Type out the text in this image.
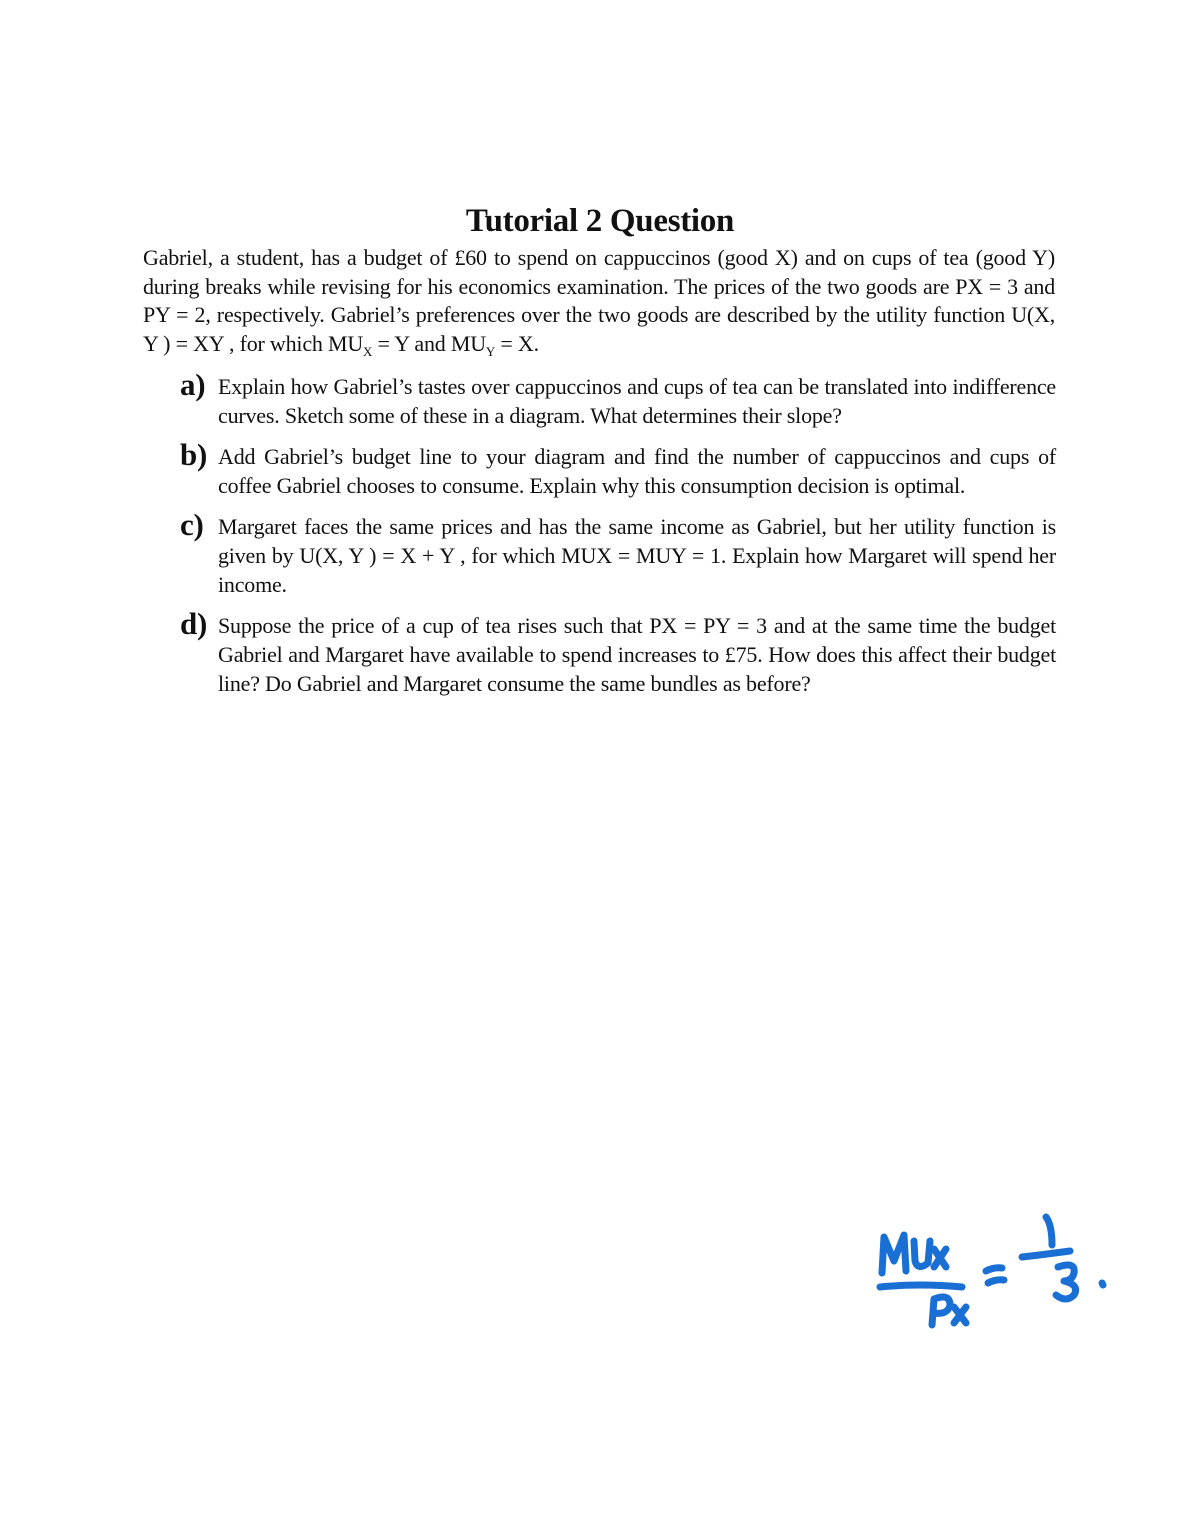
Tutorial 2 Question
Gabriel, a student, has a budget of £60 to spend on cappuccinos (good X) and on cups of tea (good Y) during breaks while revising for his economics examination. The prices of the two goods are PX = 3 and PY = 2, respectively. Gabriel’s preferences over the two goods are described by the utility function U(X, Y ) = XY , for which $MU_X = Y$ and $MU_Y = X$.
a) Explain how Gabriel’s tastes over cappuccinos and cups of tea can be translated into indifference curves. Sketch some of these in a diagram. What determines their slope?
b) Add Gabriel’s budget line to your diagram and find the number of cappuccinos and cups of coffee Gabriel chooses to consume. Explain why this consumption decision is optimal.
c) Margaret faces the same prices and has the same income as Gabriel, but her utility function is given by U(X, Y ) = X + Y , for which MUX = MUY = 1. Explain how Margaret will spend her income.
d) Suppose the price of a cup of tea rises such that PX = PY = 3 and at the same time the budget Gabriel and Margaret have available to spend increases to £75. How does this affect their budget line? Do Gabriel and Margaret consume the same bundles as before?
